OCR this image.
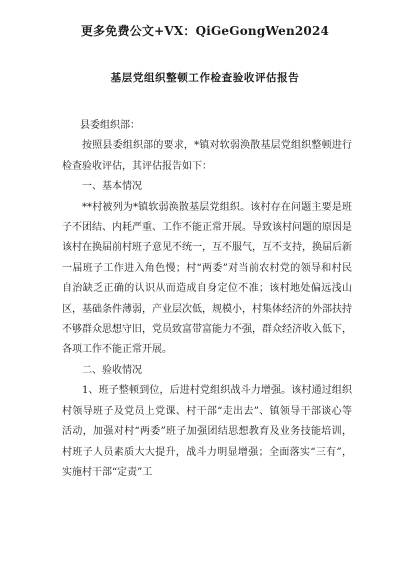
更多免费公文+VX：QiGeGongWen2024
基层党组织整顿工作检查验收评估报告

县委组织部：

按照县委组织部的要求，*镇对软弱涣散基层党组织整顿进行检查验收评估，其评估报告如下：

一、基本情况

**村被列为*镇软弱涣散基层党组织。该村存在问题主要是班子不团结、内耗严重、工作不能正常开展。导致该村问题的原因是该村在换届前村班子意见不统一，互不服气，互不支持，换届后新一届班子工作进入角色慢；村“两委”对当前农村党的领导和村民自治缺乏正确的认识从而造成自身定位不准；该村地处偏远浅山区，基础条件薄弱，产业层次低，规模小，村集体经济的外部扶持不够群众思想守旧，党员致富带富能力不强，群众经济收入低下，各项工作不能正常开展。

二、验收情况

1、班子整顿到位，后进村党组织战斗力增强。该村通过组织村领导班子及党员上党课、村干部“走出去”、镇领导干部谈心等活动，加强对村“两委”班子加强团结思想教育及业务技能培训，村班子人员素质大大提升，战斗力明显增强；全面落实“三有”，实施村干部“定责”工
